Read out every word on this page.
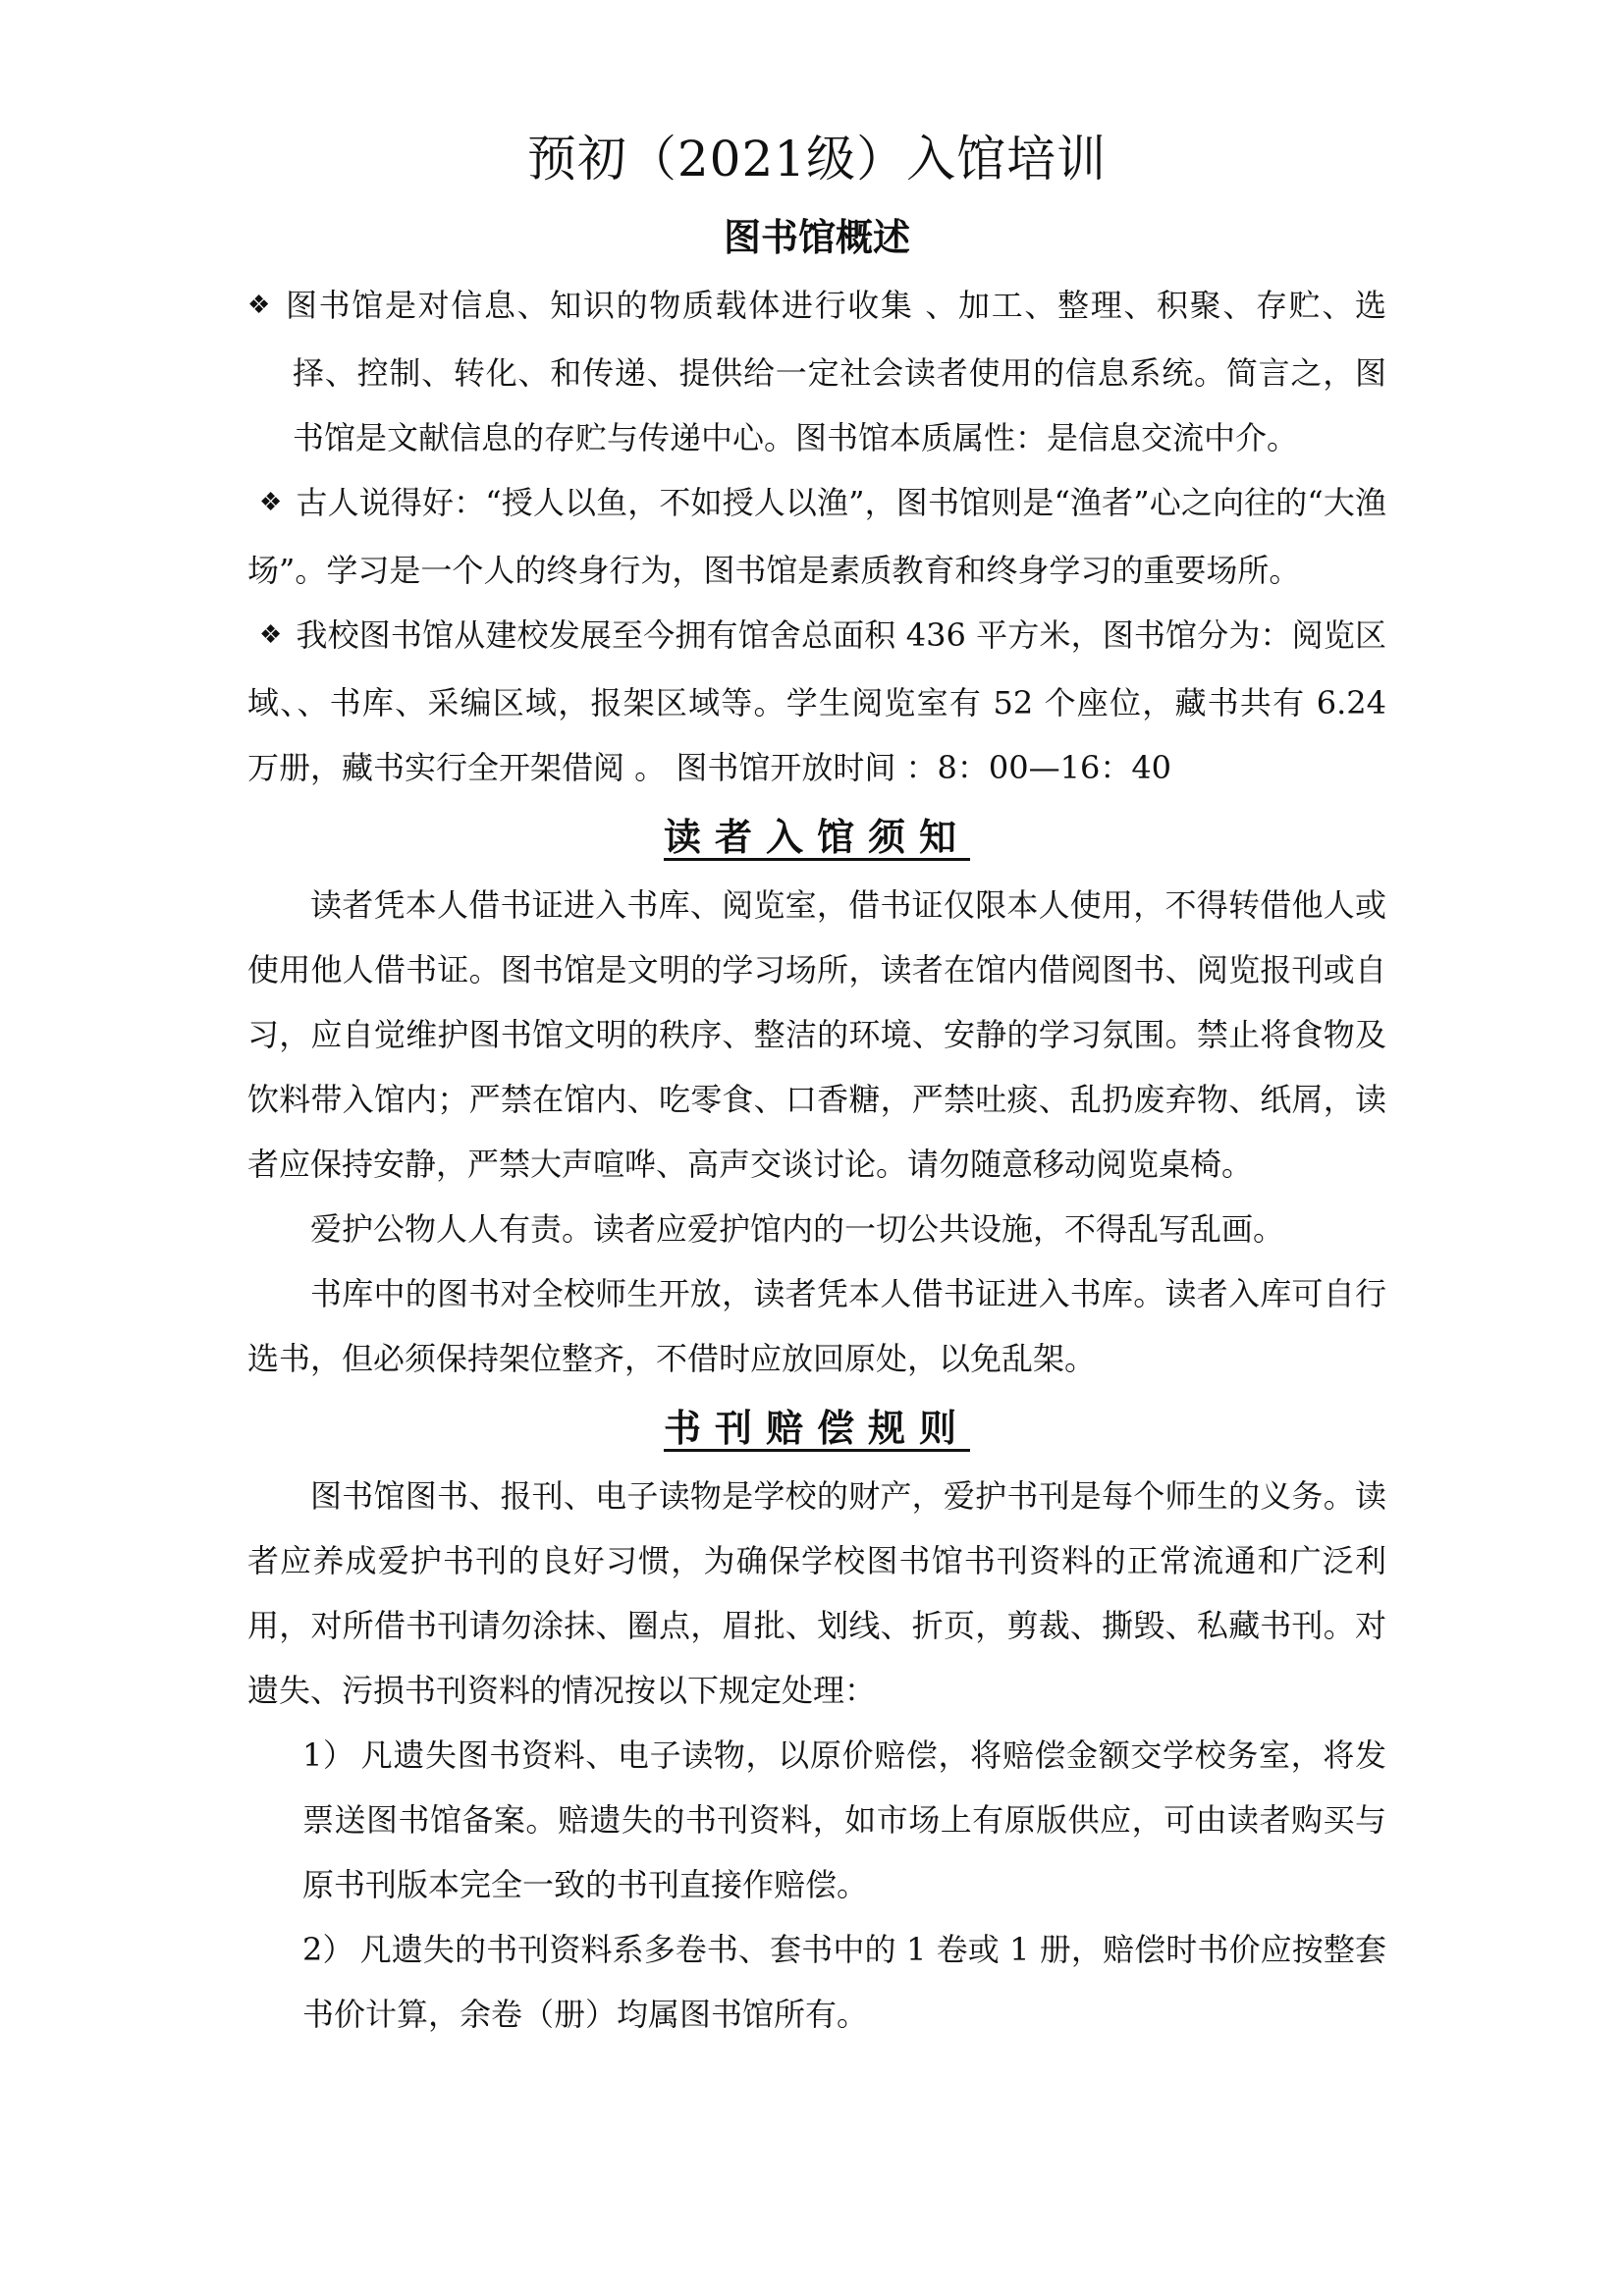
预初（2021级）入馆培训
图书馆概述

❖ 图书馆是对信息、知识的物质载体进行收集 、加工、整理、积聚、存贮、选择、控制、转化、和传递、提供给一定社会读者使用的信息系统。简言之，图书馆是文献信息的存贮与传递中心。图书馆本质属性：是信息交流中介。

❖ 古人说得好：“授人以鱼，不如授人以渔”，图书馆则是“渔者”心之向往的“大渔场”。学习是一个人的终身行为，图书馆是素质教育和终身学习的重要场所。

❖ 我校图书馆从建校发展至今拥有馆舍总面积 436 平方米，图书馆分为：阅览区域、、书库、采编区域，报架区域等。学生阅览室有 52 个座位，藏书共有 6.24 万册，藏书实行全开架借阅 。 图书馆开放时间 ：8：00—16：40

读者入馆须知

读者凭本人借书证进入书库、阅览室，借书证仅限本人使用，不得转借他人或使用他人借书证。图书馆是文明的学习场所，读者在馆内借阅图书、阅览报刊或自习，应自觉维护图书馆文明的秩序、整洁的环境、安静的学习氛围。禁止将食物及饮料带入馆内；严禁在馆内、吃零食、口香糖，严禁吐痰、乱扔废弃物、纸屑，读者应保持安静，严禁大声喧哗、高声交谈讨论。请勿随意移动阅览桌椅。

爱护公物人人有责。读者应爱护馆内的一切公共设施，不得乱写乱画。

书库中的图书对全校师生开放，读者凭本人借书证进入书库。读者入库可自行选书，但必须保持架位整齐，不借时应放回原处，以免乱架。

书刊赔偿规则

图书馆图书、报刊、电子读物是学校的财产，爱护书刊是每个师生的义务。读者应养成爱护书刊的良好习惯，为确保学校图书馆书刊资料的正常流通和广泛利用，对所借书刊请勿涂抹、圈点，眉批、划线、折页，剪裁、撕毁、私藏书刊。对遗失、污损书刊资料的情况按以下规定处理：

1） 凡遗失图书资料、电子读物，以原价赔偿，将赔偿金额交学校务室，将发票送图书馆备案。赔遗失的书刊资料，如市场上有原版供应，可由读者购买与原书刊版本完全一致的书刊直接作赔偿。

2） 凡遗失的书刊资料系多卷书、套书中的 1 卷或 1 册，赔偿时书价应按整套书价计算，余卷（册）均属图书馆所有。
